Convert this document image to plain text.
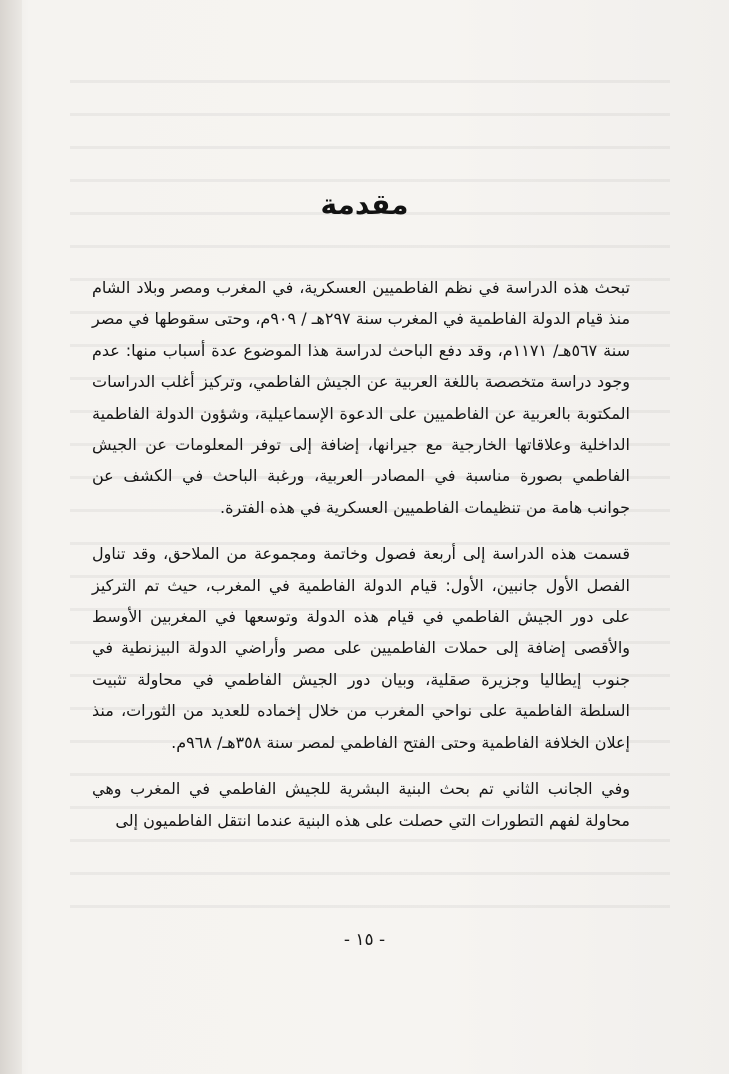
مقدمة

تبحث هذه الدراسة في نظم الفاطميين العسكرية، في المغرب ومصر وبلاد الشام منذ قيام الدولة الفاطمية في المغرب سنة ٢٩٧هـ / ٩٠٩م، وحتى سقوطها في مصر سنة ٥٦٧هـ/ ١١٧١م، وقد دفع الباحث لدراسة هذا الموضوع عدة أسباب منها: عدم وجود دراسة متخصصة باللغة العربية عن الجيش الفاطمي، وتركيز أغلب الدراسات المكتوبة بالعربية عن الفاطميين على الدعوة الإسماعيلية، وشؤون الدولة الفاطمية الداخلية وعلاقاتها الخارجية مع جيرانها، إضافة إلى توفر المعلومات عن الجيش الفاطمي بصورة مناسبة في المصادر العربية، ورغبة الباحث في الكشف عن جوانب هامة من تنظيمات الفاطميين العسكرية في هذه الفترة.

قسمت هذه الدراسة إلى أربعة فصول وخاتمة ومجموعة من الملاحق، وقد تناول الفصل الأول جانبين، الأول: قيام الدولة الفاطمية في المغرب، حيث تم التركيز على دور الجيش الفاطمي في قيام هذه الدولة وتوسعها في المغربين الأوسط والأقصى إضافة إلى حملات الفاطميين على مصر وأراضي الدولة البيزنطية في جنوب إيطاليا وجزيرة صقلية، وبيان دور الجيش الفاطمي في محاولة تثبيت السلطة الفاطمية على نواحي المغرب من خلال إخماده للعديد من الثورات، منذ إعلان الخلافة الفاطمية وحتى الفتح الفاطمي لمصر سنة ٣٥٨هـ/ ٩٦٨م.

وفي الجانب الثاني تم بحث البنية البشرية للجيش الفاطمي في المغرب وهي محاولة لفهم التطورات التي حصلت على هذه البنية عندما انتقل الفاطميون إلى

- ١٥ -
